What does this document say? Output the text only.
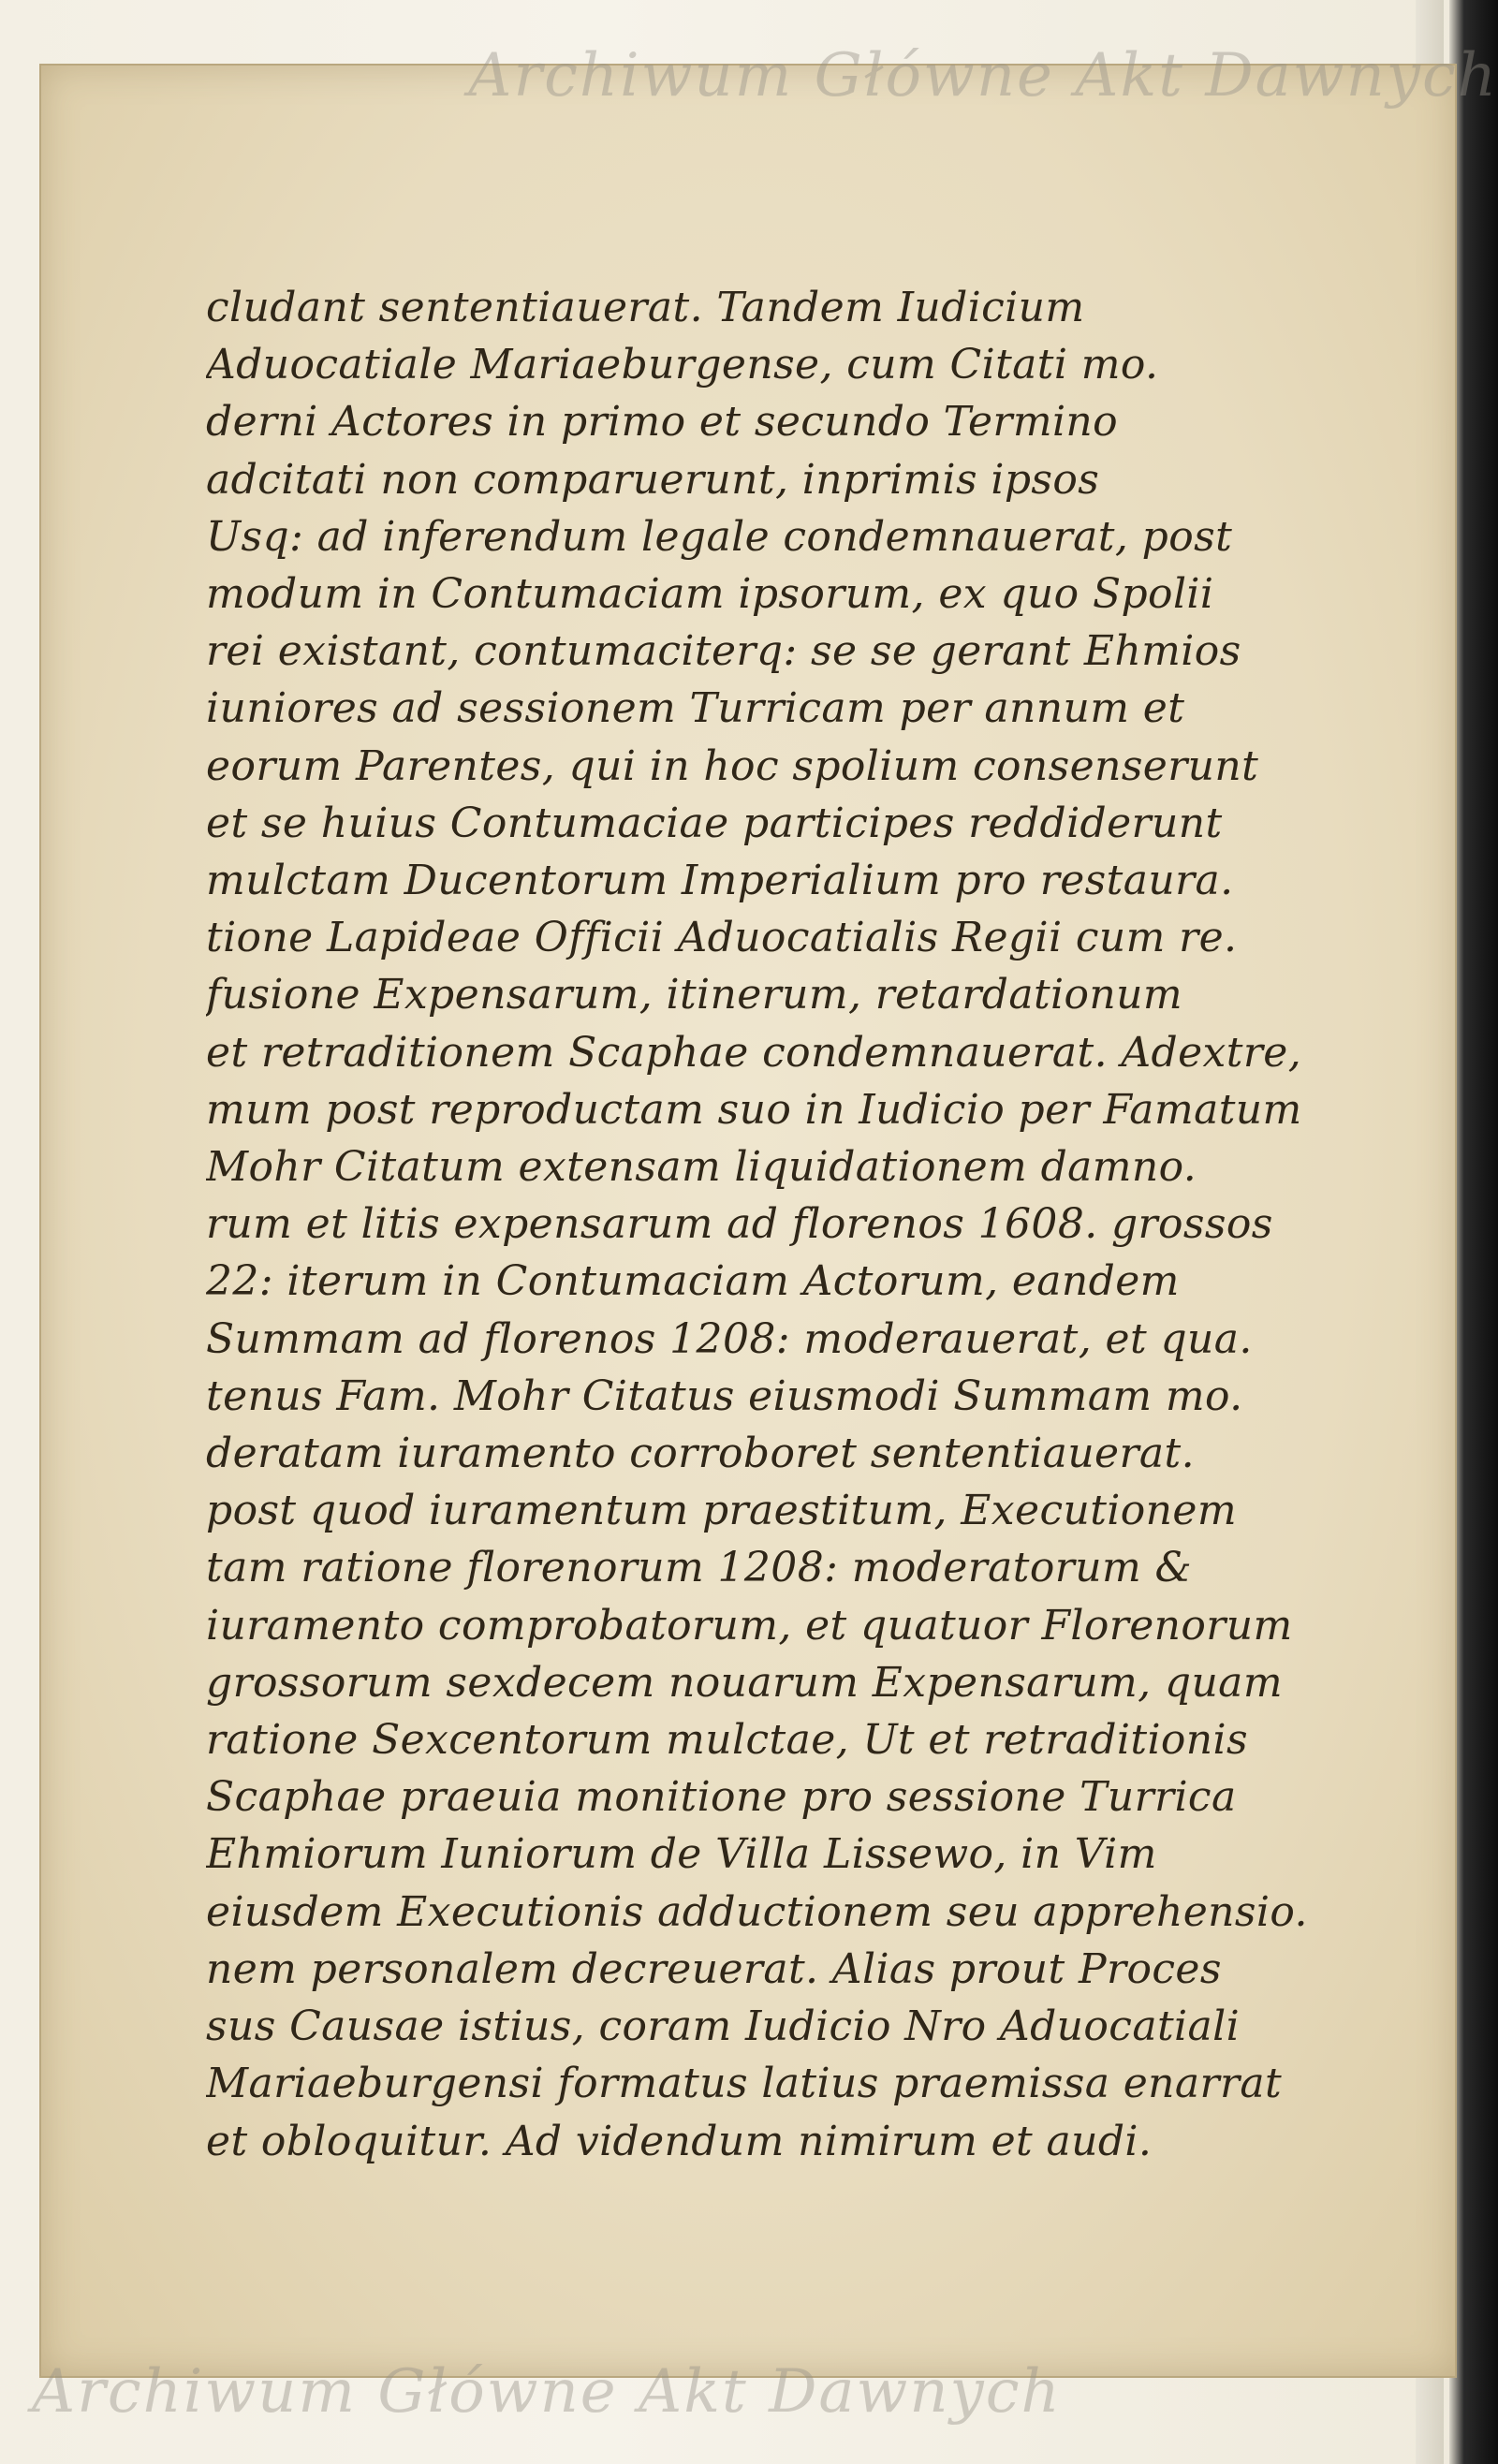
cludant sententiauerat. Tandem Iudicium
Aduocatiale Mariaeburgense, cum Citati mo.
derni Actores in primo et secundo Termino
adcitati non comparuerunt, inprimis ipsos
Usq: ad inferendum legale condemnauerat, post
modum in Contumaciam ipsorum, ex quo Spolii
rei existant, contumaciterq: se se gerant Ehmios
iuniores ad sessionem Turricam per annum et
eorum Parentes, qui in hoc spolium consenserunt
et se huius Contumaciae participes reddiderunt
mulctam Ducentorum Imperialium pro restaura.
tione Lapideae Officii Aduocatialis Regii cum re.
fusione Expensarum, itinerum, retardationum
et retraditionem Scaphae condemnauerat. Adextre,
mum post reproductam suo in Iudicio per Famatum
Mohr Citatum extensam liquidationem damno.
rum et litis expensarum ad florenos 1608. grossos
22: iterum in Contumaciam Actorum, eandem
Summam ad florenos 1208: moderauerat, et qua.
tenus Fam. Mohr Citatus eiusmodi Summam mo.
deratam iuramento corroboret sententiauerat.
post quod iuramentum praestitum, Executionem
tam ratione florenorum 1208: moderatorum &
iuramento comprobatorum, et quatuor Florenorum
grossorum sexdecem nouarum Expensarum, quam
ratione Sexcentorum mulctae, Ut et retraditionis
Scaphae praeuia monitione pro sessione Turrica
Ehmiorum Iuniorum de Villa Lissewo, in Vim
eiusdem Executionis adductionem seu apprehensio.
nem personalem decreuerat. Alias prout Proces
sus Causae istius, coram Iudicio Nro Aduocatiali
Mariaeburgensi formatus latius praemissa enarrat
et obloquitur. Ad videndum nimirum et audi.
Archiwum Główne Akt Dawnych
Archiwum Główne Akt Dawnych
